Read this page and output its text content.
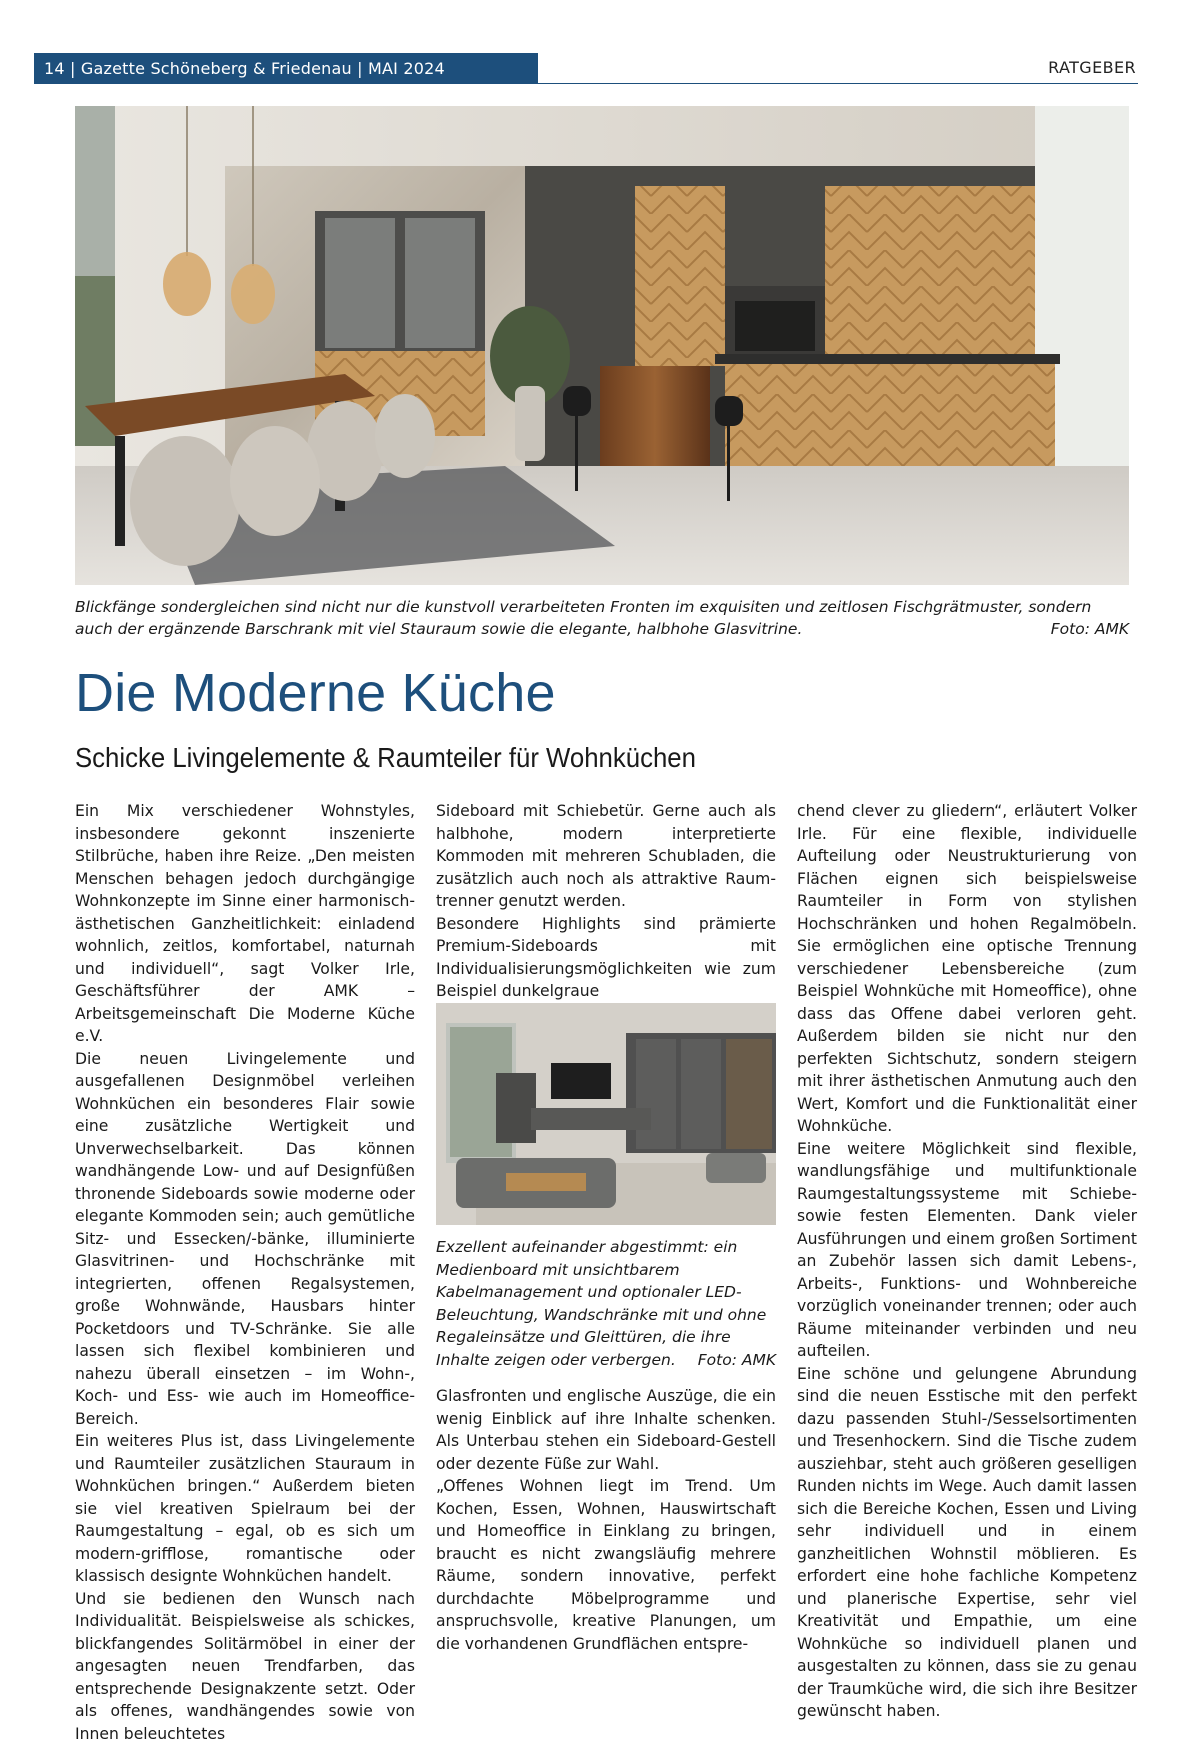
14 | Gazette Schöneberg & Friedenau | MAI 2024	RATGEBER
Blickfänge sondergleichen sind nicht nur die kunstvoll verarbeiteten Fronten im exquisiten und zeitlosen Fischgrätmuster, sondern auch der ergänzende Barschrank mit viel Stauraum sowie die elegante, halbhohe Glasvitrine.	Foto: AMK
Die Moderne Küche
Schicke Livingelemente & Raumteiler für Wohnküchen

Ein Mix verschiedener Wohnstyles, insbesondere gekonnt inszenierte Stilbrüche, haben ihre Reize. „Den meisten Menschen behagen jedoch durchgängige Wohnkonzepte im Sinne einer harmonisch-ästhetischen Ganzheitlichkeit: einladend wohnlich, zeitlos, komfortabel, naturnah und individuell“, sagt Volker Irle, Geschäftsführer der AMK – Arbeitsgemeinschaft Die Moderne Küche e.V.

Die neuen Livingelemente und ausgefallenen Designmöbel verleihen Wohnküchen ein besonderes Flair sowie eine zusätzliche Wertigkeit und Unverwechselbarkeit. Das können wandhängende Low- und auf Designfüßen thronende Sideboards sowie moderne oder elegante Kommoden sein; auch gemütliche Sitz- und Essecken/-bänke, illuminierte Glasvitrinen- und Hochschränke mit integrierten, offenen Regalsystemen, große Wohnwände, Hausbars hinter Pocketdoors und TV-Schränke. Sie alle lassen sich flexibel kombinieren und nahezu überall einsetzen – im Wohn-, Koch- und Ess- wie auch im Homeoffice-Bereich.

Ein weiteres Plus ist, dass Livingelemente und Raumteiler zusätzlichen Stauraum in Wohnküchen bringen.“ Außerdem bieten sie viel kreativen Spielraum bei der Raumgestaltung – egal, ob es sich um modern-grifflose, romantische oder klassisch designte Wohnküchen handelt.

Und sie bedienen den Wunsch nach Individualität. Beispielsweise als schickes, blickfangendes Solitärmöbel in einer der angesagten neuen Trendfarben, das entsprechende Designakzente setzt. Oder als offenes, wandhängendes sowie von Innen beleuchtetes

Sideboard mit Schiebetür. Gerne auch als halbhohe, modern interpretierte Kommoden mit mehreren Schubladen, die zusätzlich auch noch als attraktive Raum-trenner genutzt werden.

Besondere Highlights sind prämierte Premium-Sideboards mit Individualisierungsmöglichkeiten wie zum Beispiel dunkelgraue

Exzellent aufeinander abgestimmt: ein Medienboard mit unsichtbarem Kabelmanagement und optionaler LED-Beleuchtung, Wandschränke mit und ohne Regaleinsätze und Gleittüren, die ihre Inhalte zeigen oder verbergen. Foto: AMK

Glasfronten und englische Auszüge, die ein wenig Einblick auf ihre Inhalte schenken. Als Unterbau stehen ein Sideboard-Gestell oder dezente Füße zur Wahl.

„Offenes Wohnen liegt im Trend. Um Kochen, Essen, Wohnen, Hauswirtschaft und Homeoffice in Einklang zu bringen, braucht es nicht zwangsläufig mehrere Räume, sondern innovative, perfekt durchdachte Möbelprogramme und anspruchsvolle, kreative Planungen, um die vorhandenen Grundflächen entspre-

chend clever zu gliedern“, erläutert Volker Irle. Für eine flexible, individuelle Aufteilung oder Neustrukturierung von Flächen eignen sich beispielsweise Raumteiler in Form von stylishen Hochschränken und hohen Regalmöbeln. Sie ermöglichen eine optische Trennung verschiedener Lebensbereiche (zum Beispiel Wohnküche mit Homeoffice), ohne dass das Offene dabei verloren geht. Außerdem bilden sie nicht nur den perfekten Sichtschutz, sondern steigern mit ihrer ästhetischen Anmutung auch den Wert, Komfort und die Funktionalität einer Wohnküche.

Eine weitere Möglichkeit sind flexible, wandlungsfähige und multifunktionale Raumgestaltungssysteme mit Schiebe- sowie festen Elementen. Dank vieler Ausführungen und einem großen Sortiment an Zubehör lassen sich damit Lebens-, Arbeits-, Funktions- und Wohnbereiche vorzüglich voneinander trennen; oder auch Räume miteinander verbinden und neu aufteilen.

Eine schöne und gelungene Abrundung sind die neuen Esstische mit den perfekt dazu passenden Stuhl-/Sesselsortimenten und Tresenhockern. Sind die Tische zudem ausziehbar, steht auch größeren geselligen Runden nichts im Wege. Auch damit lassen sich die Bereiche Kochen, Essen und Living sehr individuell und in einem ganzheitlichen Wohnstil möblieren. Es erfordert eine hohe fachliche Kompetenz und planerische Expertise, sehr viel Kreativität und Empathie, um eine Wohnküche so individuell planen und ausgestalten zu können, dass sie zu genau der Traumküche wird, die sich ihre Besitzer gewünscht haben.
